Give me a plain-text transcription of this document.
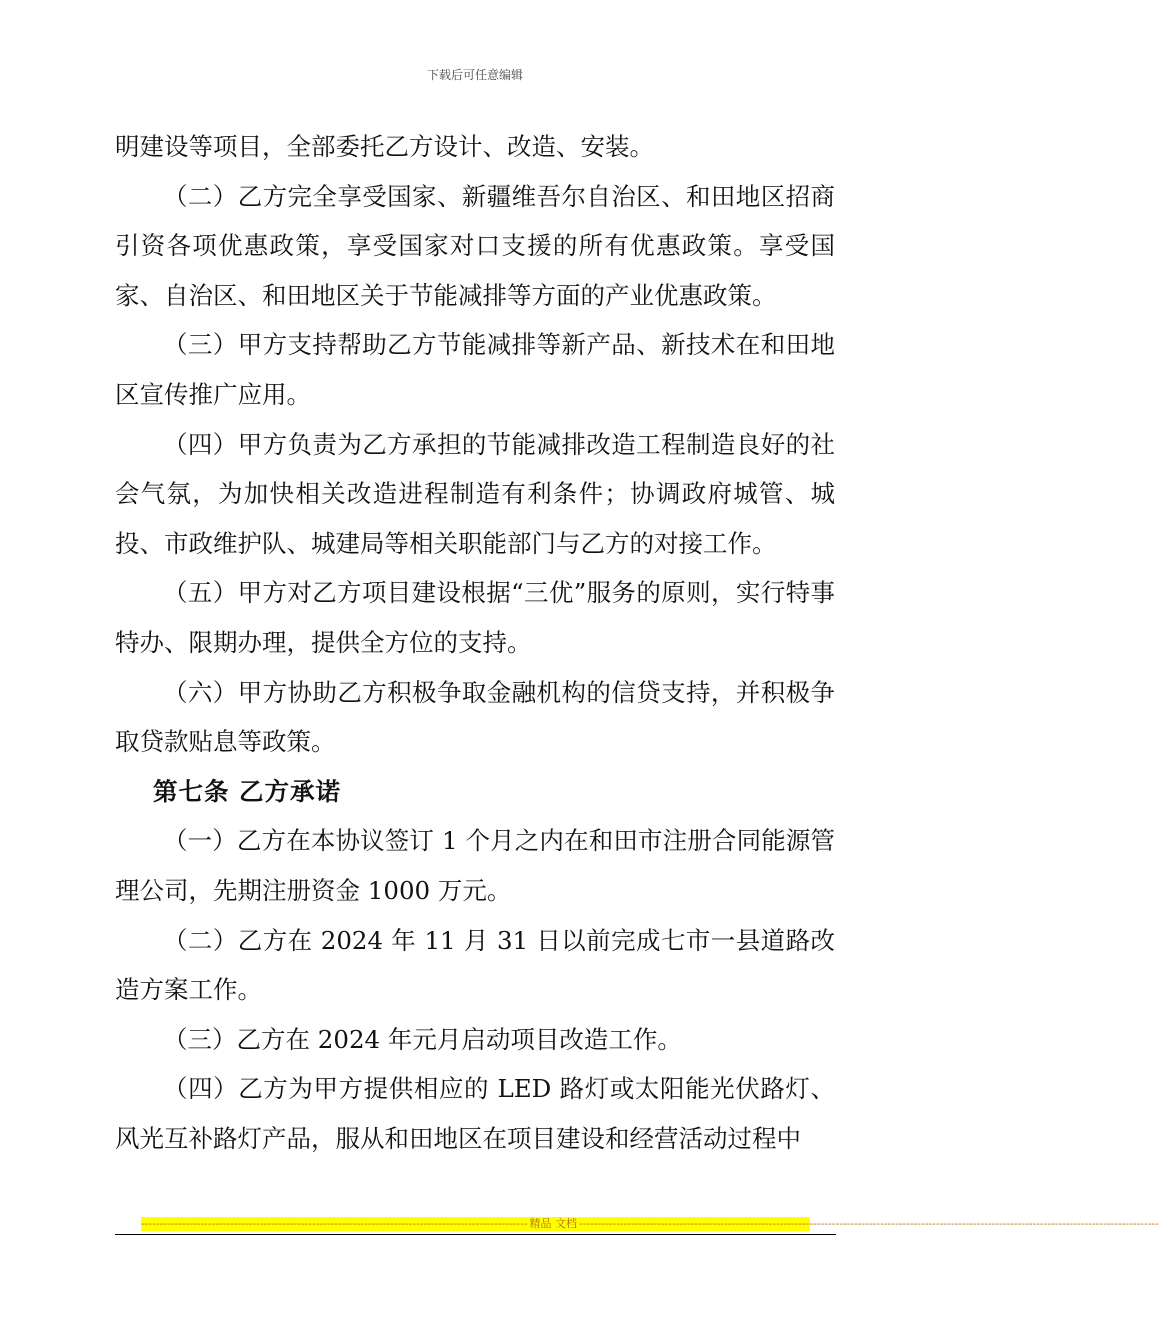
下载后可任意编辑

明建设等项目，全部委托乙方设计、改造、安装。

（二）乙方完全享受国家、新疆维吾尔自治区、和田地区招商引资各项优惠政策，享受国家对口支援的所有优惠政策。享受国家、自治区、和田地区关于节能减排等方面的产业优惠政策。

（三）甲方支持帮助乙方节能减排等新产品、新技术在和田地区宣传推广应用。

（四）甲方负责为乙方承担的节能减排改造工程制造良好的社会气氛，为加快相关改造进程制造有利条件；协调政府城管、城投、市政维护队、城建局等相关职能部门与乙方的对接工作。

（五）甲方对乙方项目建设根据“三优”服务的原则，实行特事特办、限期办理，提供全方位的支持。

（六）甲方协助乙方积极争取金融机构的信贷支持，并积极争取贷款贴息等政策。

第七条 乙方承诺

（一）乙方在本协议签订 1 个月之内在和田市注册合同能源管理公司，先期注册资金 1000 万元。

（二）乙方在 2024 年 11 月 31 日以前完成七市一县道路改造方案工作。

（三）乙方在 2024 年元月启动项目改造工作。

（四）乙方为甲方提供相应的 LED 路灯或太阳能光伏路灯、风光互补路灯产品，服从和田地区在项目建设和经营活动过程中

-------------------------------------------------------------------------------------------------------- 精品 文档 ------------------------------------------------------------------------------------------------------------------------------------------------------------
